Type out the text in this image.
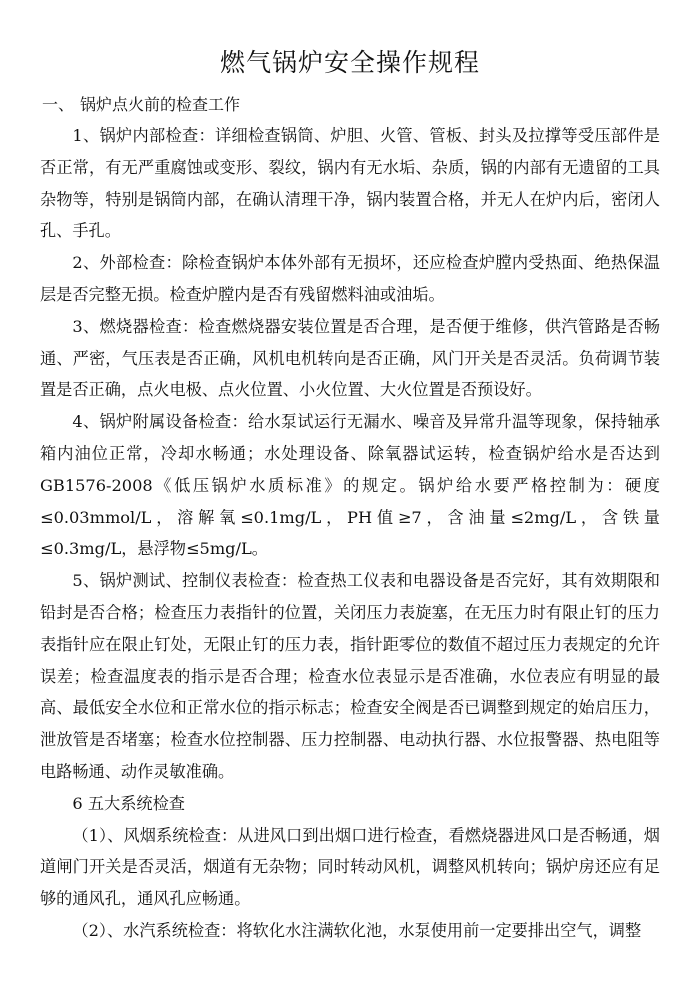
燃气锅炉安全操作规程
一、 锅炉点火前的检查工作

1、锅炉内部检查：详细检查锅筒、炉胆、火管、管板、封头及拉撑等受压部件是否正常，有无严重腐蚀或变形、裂纹，锅内有无水垢、杂质，锅的内部有无遗留的工具杂物等，特别是锅筒内部，在确认清理干净，锅内装置合格，并无人在炉内后，密闭人孔、手孔。

2、外部检查：除检查锅炉本体外部有无损坏，还应检查炉膛内受热面、绝热保温层是否完整无损。检查炉膛内是否有残留燃料油或油垢。

3、燃烧器检查：检查燃烧器安装位置是否合理，是否便于维修，供汽管路是否畅通、严密，气压表是否正确，风机电机转向是否正确，风门开关是否灵活。负荷调节装置是否正确，点火电极、点火位置、小火位置、大火位置是否预设好。

4、锅炉附属设备检查：给水泵试运行无漏水、噪音及异常升温等现象，保持轴承箱内油位正常，冷却水畅通；水处理设备、除氧器试运转，检查锅炉给水是否达到GB1576-2008《低压锅炉水质标准》的规定。锅炉给水要严格控制为：硬度≤0.03mmol/L，溶解氧≤0.1mg/L，PH值≥7，含油量≤2mg/L，含铁量≤0.3mg/L，悬浮物≤5mg/L。

5、锅炉测试、控制仪表检查：检查热工仪表和电器设备是否完好，其有效期限和铅封是否合格；检查压力表指针的位置，关闭压力表旋塞，在无压力时有限止钉的压力表指针应在限止钉处，无限止钉的压力表，指针距零位的数值不超过压力表规定的允许误差；检查温度表的指示是否合理；检查水位表显示是否准确，水位表应有明显的最高、最低安全水位和正常水位的指示标志；检查安全阀是否已调整到规定的始启压力，泄放管是否堵塞；检查水位控制器、压力控制器、电动执行器、水位报警器、热电阻等电路畅通、动作灵敏准确。

6 五大系统检查

（1）、风烟系统检查：从进风口到出烟口进行检查，看燃烧器进风口是否畅通，烟道闸门开关是否灵活，烟道有无杂物；同时转动风机，调整风机转向；锅炉房还应有足够的通风孔，通风孔应畅通。

（2）、水汽系统检查：将软化水注满软化池，水泵使用前一定要排出空气，调整
